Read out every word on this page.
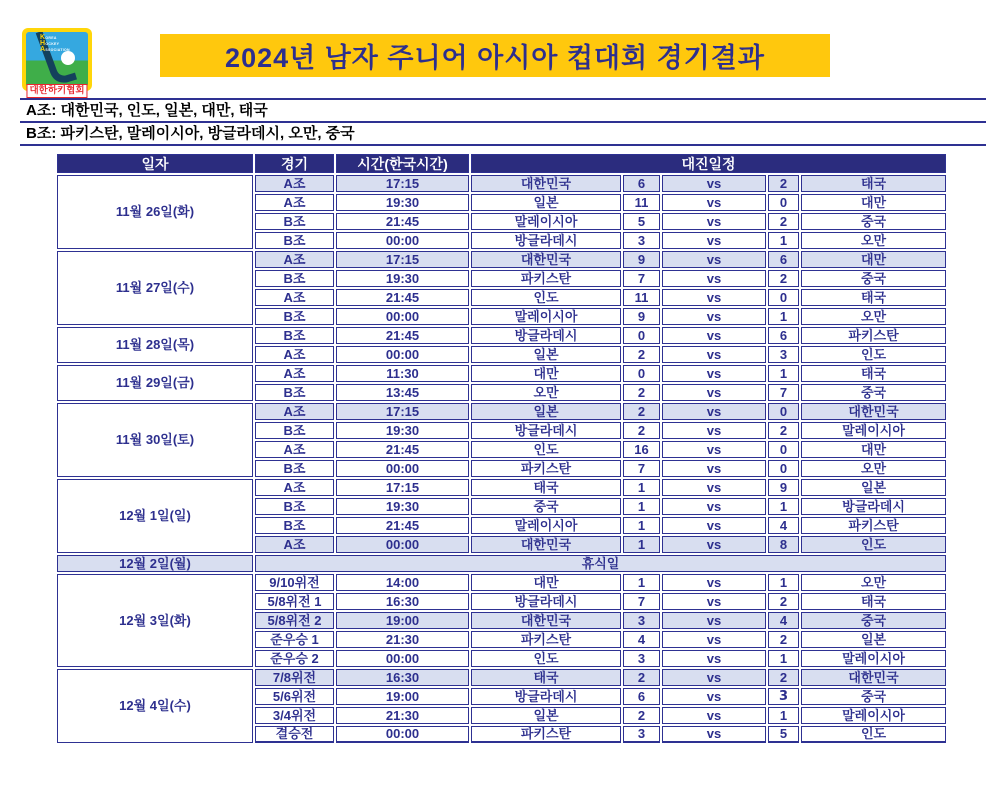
KOREA
HOCKEY
ASSOCIATION
대한하키협회
2024년 남자 주니어 아시아 컵대회 경기결과
A조: 대한민국, 인도, 일본, 대만, 태국
B조: 파키스탄, 말레이시아, 방글라데시, 오만, 중국
일자	경기	시간(한국시간)	대진일정				
11월 26일(화)	A조	17:15	대한민국	6	vs	2	태국
	A조	19:30	일본	11	vs	0	대만
	B조	21:45	말레이시아	5	vs	2	중국
	B조	00:00	방글라데시	3	vs	1	오만
11월 27일(수)	A조	17:15	대한민국	9	vs	6	대만
	B조	19:30	파키스탄	7	vs	2	중국
	A조	21:45	인도	11	vs	0	태국
	B조	00:00	말레이시아	9	vs	1	오만
11월 28일(목)	B조	21:45	방글라데시	0	vs	6	파키스탄
	A조	00:00	일본	2	vs	3	인도
11월 29일(금)	A조	11:30	대만	0	vs	1	태국
	B조	13:45	오만	2	vs	7	중국
11월 30일(토)	A조	17:15	일본	2	vs	0	대한민국
	B조	19:30	방글라데시	2	vs	2	말레이시아
	A조	21:45	인도	16	vs	0	대만
	B조	00:00	파키스탄	7	vs	0	오만
12월 1일(일)	A조	17:15	태국	1	vs	9	일본
	B조	19:30	중국	1	vs	1	방글라데시
	B조	21:45	말레이시아	1	vs	4	파키스탄
	A조	00:00	대한민국	1	vs	8	인도
12월 2일(월)	휴식일						
12월 3일(화)	9/10위전	14:00	대만	1	vs	1	오만
	5/8위전 1	16:30	방글라데시	7	vs	2	태국
	5/8위전 2	19:00	대한민국	3	vs	4	중국
	준우승 1	21:30	파키스탄	4	vs	2	일본
	준우승 2	00:00	인도	3	vs	1	말레이시아
12월 4일(수)	7/8위전	16:30	태국	2	vs	2	대한민국
	5/6위전	19:00	방글라데시	6	vs	3	중국
	3/4위전	21:30	일본	2	vs	1	말레이시아
	결승전	00:00	파키스탄	3	vs	5	인도
